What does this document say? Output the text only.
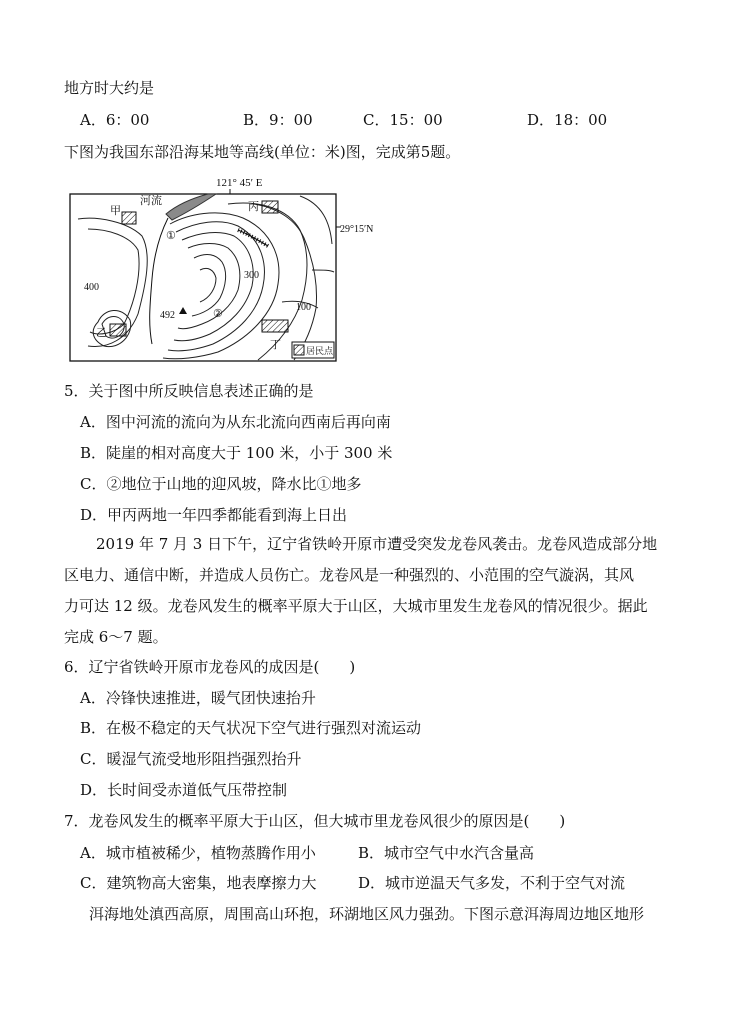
地方时大约是
A．6：00	B．9：00	C．15：00	D．18：00
下图为我国东部沿海某地等高线(单位：米)图，完成第5题。
121° 45′ E
29°15′N
河流
甲	丙
乙
丁
①
②
居民点
400
300
100
492
5．关于图中所反映信息表述正确的是
A．图中河流的流向为从东北流向西南后再向南
B．陡崖的相对高度大于 100 米，小于 300 米
C．②地位于山地的迎风坡，降水比①地多
D．甲丙两地一年四季都能看到海上日出
2019 年 7 月 3 日下午，辽宁省铁岭开原市遭受突发龙卷风袭击。龙卷风造成部分地
区电力、通信中断，并造成人员伤亡。龙卷风是一种强烈的、小范围的空气漩涡，其风
力可达 12 级。龙卷风发生的概率平原大于山区，大城市里发生龙卷风的情况很少。据此
完成 6～7 题。
6．辽宁省铁岭开原市龙卷风的成因是(　　)
A．冷锋快速推进，暖气团快速抬升
B．在极不稳定的天气状况下空气进行强烈对流运动
C．暖湿气流受地形阻挡强烈抬升
D．长时间受赤道低气压带控制
7．龙卷风发生的概率平原大于山区，但大城市里龙卷风很少的原因是(　　)
A．城市植被稀少，植物蒸腾作用小	B．城市空气中水汽含量高
C．建筑物高大密集，地表摩擦力大	D．城市逆温天气多发，不利于空气对流
洱海地处滇西高原，周围高山环抱，环湖地区风力强劲。下图示意洱海周边地区地形
